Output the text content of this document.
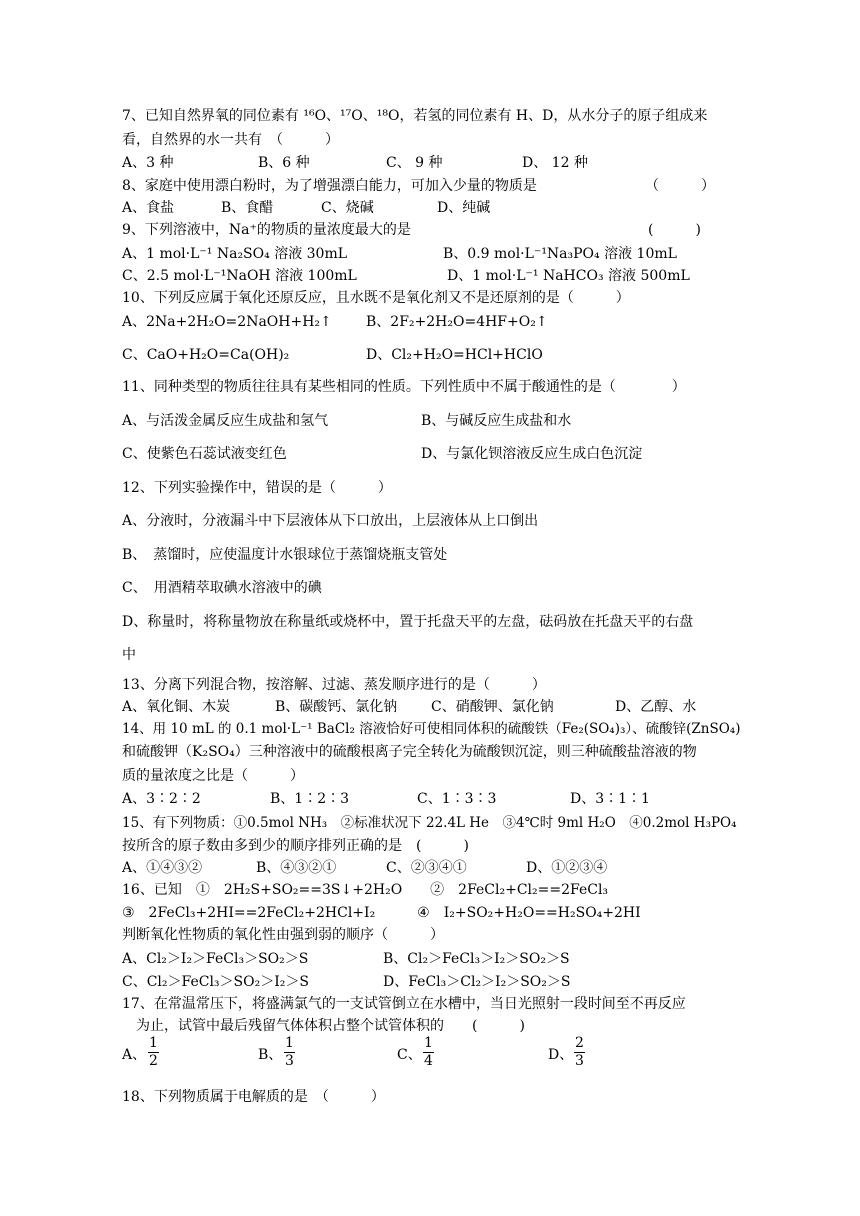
7、已知自然界氧的同位素有 ¹⁶O、¹⁷O、¹⁸O，若氢的同位素有 H、D，从水分子的原子组成来
看，自然界的水一共有　（　　　）
A、3 种	B、6 种	C、 9 种	D、 12 种
8、家庭中使用漂白粉时，为了增强漂白能力，可加入少量的物质是	（　　　）
A、食盐	B、食醋	C、烧碱	D、纯碱
9、下列溶液中，Na⁺的物质的量浓度最大的是	(　　　)
A、1 mol·L⁻¹ Na₂SO₄ 溶液 30mL	B、0.9 mol·L⁻¹Na₃PO₄ 溶液 10mL
C、2.5 mol·L⁻¹NaOH 溶液 100mL	D、1 mol·L⁻¹ NaHCO₃ 溶液 500mL
10、下列反应属于氧化还原反应，且水既不是氧化剂又不是还原剂的是（　　　）
A、2Na+2H₂O=2NaOH+H₂↑ B、2F₂+2H₂O=4HF+O₂↑
C、CaO+H₂O=Ca(OH)₂	D、Cl₂+H₂O=HCl+HClO
11、同种类型的物质往往具有某些相同的性质。下列性质中不属于酸通性的是（　　　　）
A、与活泼金属反应生成盐和氢气	B、与碱反应生成盐和水
C、使紫色石蕊试液变红色	D、与氯化钡溶液反应生成白色沉淀
12、下列实验操作中，错误的是（　　　）
A、分液时，分液漏斗中下层液体从下口放出，上层液体从上口倒出
B、　蒸馏时，应使温度计水银球位于蒸馏烧瓶支管处
C、　用酒精萃取碘水溶液中的碘
D、称量时，将称量物放在称量纸或烧杯中，置于托盘天平的左盘，砝码放在托盘天平的右盘
中
13、分离下列混合物，按溶解、过滤、蒸发顺序进行的是（　　　）
A、氧化铜、木炭	B、碳酸钙、氯化钠 C、硝酸钾、氯化钠	D、乙醇、水
14、用 10 mL 的 0.1 mol·L⁻¹ BaCl₂ 溶液恰好可使相同体积的硫酸铁（Fe₂(SO₄)₃）、硫酸锌(ZnSO₄)
和硫酸钾（K₂SO₄）三种溶液中的硫酸根离子完全转化为硫酸钡沉淀，则三种硫酸盐溶液的物
质的量浓度之比是（　　　）
A、3∶2∶2	B、1∶2∶3	C、1∶3∶3	D、3∶1∶1
15、有下列物质：①0.5mol NH₃　②标准状况下 22.4L He　③4℃时 9ml H₂O　④0.2mol H₃PO₄
按所含的原子数由多到少的顺序排列正确的是　(　　　)
A、①④③②	B、④③②①	C、②③④①	D、①②③④
16、已知　①　2H₂S+SO₂==3S↓+2H₂O　　②　2FeCl₂+Cl₂==2FeCl₃
③　2FeCl₃+2HI==2FeCl₂+2HCl+I₂　　　④　I₂+SO₂+H₂O==H₂SO₄+2HI
判断氧化性物质的氧化性由强到弱的顺序（　　　）
A、Cl₂＞I₂＞FeCl₃＞SO₂＞S	B、Cl₂＞FeCl₃＞I₂＞SO₂＞S
C、Cl₂＞FeCl₃＞SO₂＞I₂＞S	D、FeCl₃＞Cl₂＞I₂＞SO₂＞S
17、在常温常压下，将盛满氯气的一支试管倒立在水槽中，当日光照射一段时间至不再反应
为止，试管中最后残留气体体积占整个试管体积的　　(　　　)
A、 $\frac{1}{2}$	B、 $\frac{1}{3}$	C、 $\frac{1}{4}$	D、 $\frac{2}{3}$
18、下列物质属于电解质的是　（　　　）
